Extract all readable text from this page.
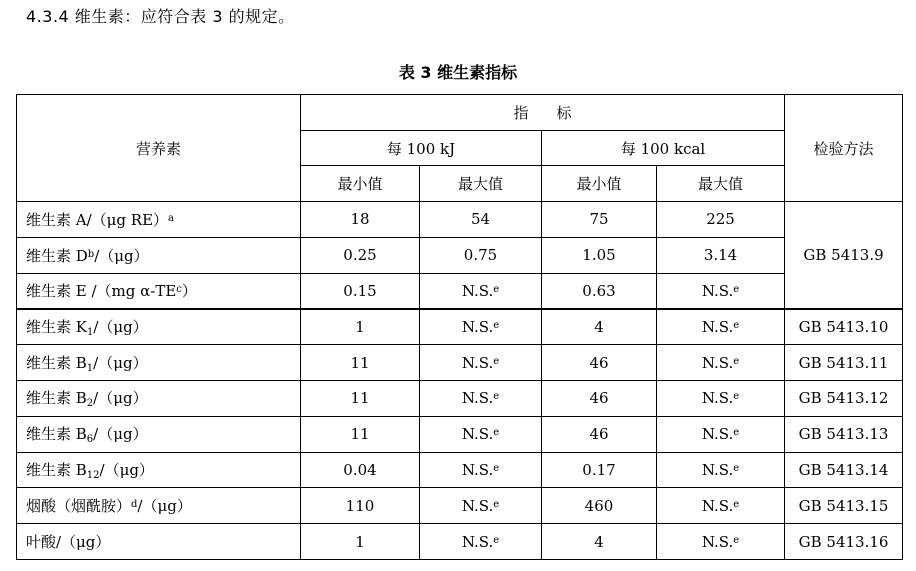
4.3.4 维生素：应符合表 3 的规定。
表 3 维生素指标
营养素	指 标				检验方法
	每 100 kJ		每 100 kcal		
	最小值	最大值	最小值	最大值	
维生素 A/（μg RE）$^a$	18	54	75	225	GB 5413.9
维生素 $D^b/(\mu g)$	0.25	0.75	1.05	3.14	
维生素 E /（mg $\alpha-TE^c$）	0.15	N.S.$^e$	0.63	N.S.$^e$
维生素 $K_1/(\mu g)$	1	N.S.$^e$	4	N.S.$^e$	GB 5413.10
维生素 $B_1/(\mu g)$	11	N.S.$^e$	46	N.S.$^e$	GB 5413.11
维生素 $B_2/(\mu g)$	11	N.S.$^e$	46	N.S.$^e$	GB 5413.12
维生素 $B_6/(\mu g)$	11	N.S.$^e$	46	N.S.$^e$	GB 5413.13
维生素 $B_{12}/(\mu g)$	0.04	N.S.$^e$	0.17	N.S.$^e$	GB 5413.14
烟酸（烟酰胺）$^d$/（μg）	110	N.S.$^e$	460	N.S.$^e$	GB 5413.15
叶酸/（μg）	1	N.S.$^e$	4	N.S.$^e$	GB 5413.16
